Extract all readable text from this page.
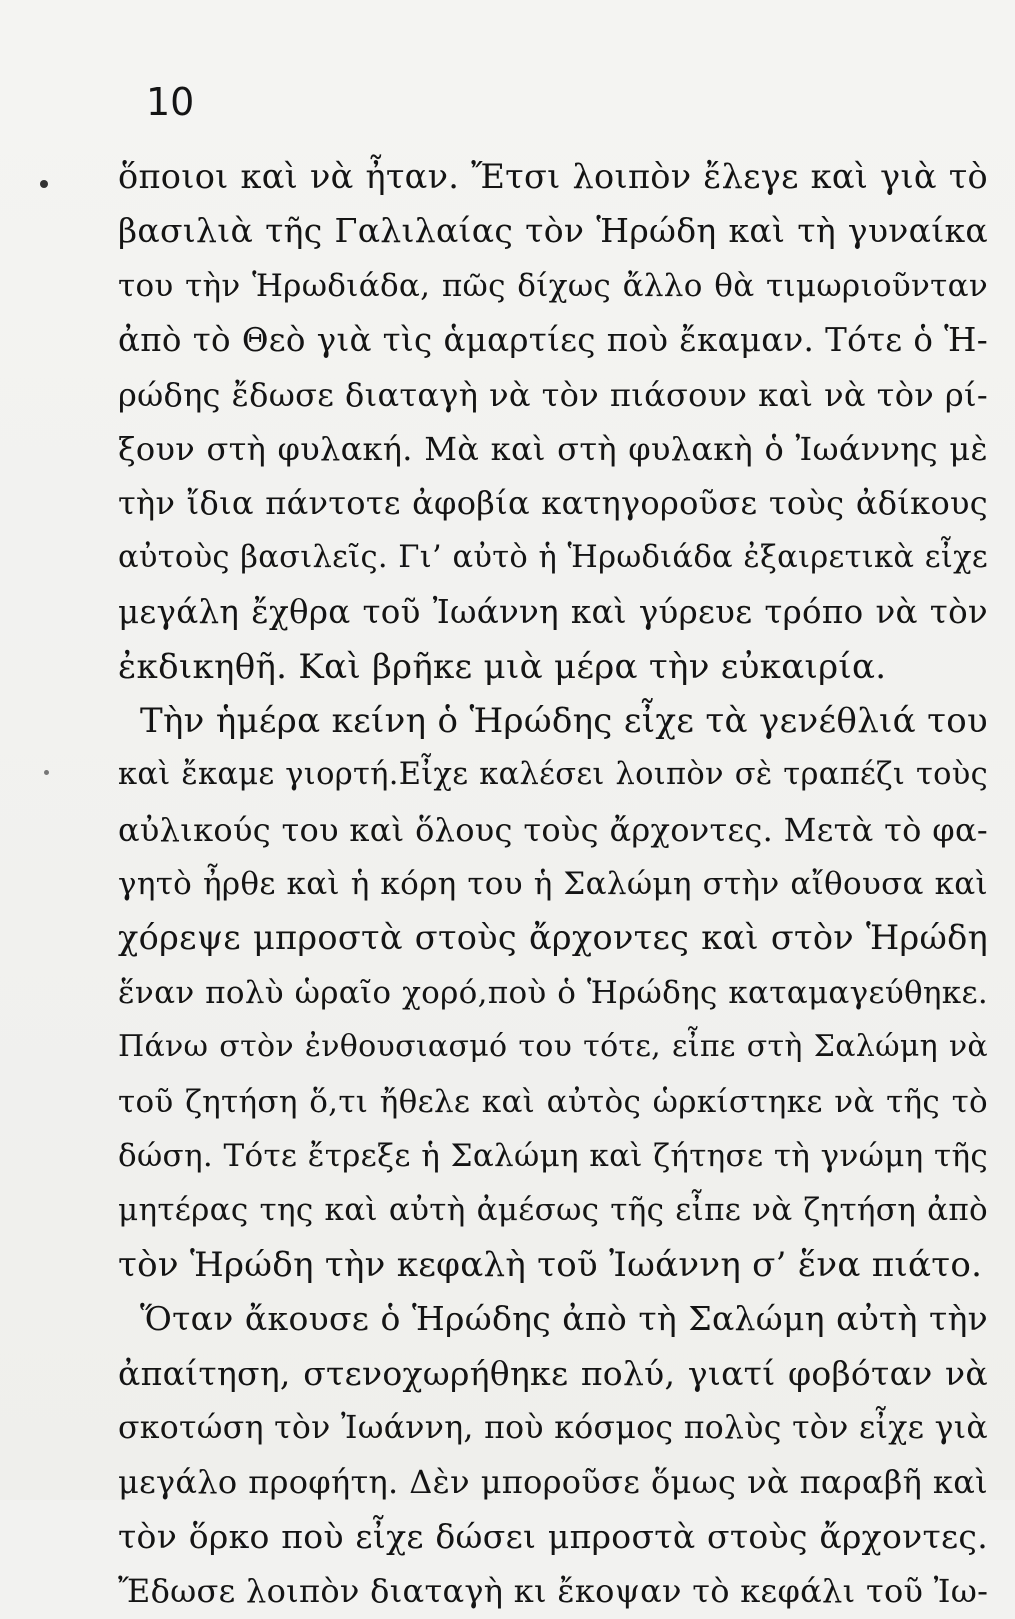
10
ὅποιοι καὶ νὰ ἦταν. Ἔτσι λοιπὸν ἔλεγε καὶ γιὰ τὸ
βασιλιὰ τῆς Γαλιλαίας τὸν Ἡρώδη καὶ τὴ γυναίκα
του τὴν Ἡρωδιάδα, πῶς δίχως ἄλλο θὰ τιμωριοῦνταν
ἀπὸ τὸ Θεὸ γιὰ τὶς ἁμαρτίες ποὺ ἔκαμαν. Τότε ὁ Ἡ-
ρώδης ἔδωσε διαταγὴ νὰ τὸν πιάσουν καὶ νὰ τὸν ρί-
ξουν στὴ φυλακή. Μὰ καὶ στὴ φυλακὴ ὁ Ἰωάννης μὲ
τὴν ἴδια πάντοτε ἀφοβία κατηγοροῦσε τοὺς ἀδίκους
αὐτοὺς βασιλεῖς. Γι’ αὐτὸ ἡ Ἡρωδιάδα ἐξαιρετικὰ εἶχε
μεγάλη ἔχθρα τοῦ Ἰωάννη καὶ γύρευε τρόπο νὰ τὸν
ἐκδικηθῆ. Καὶ βρῆκε μιὰ μέρα τὴν εὐκαιρία.
Τὴν ἡμέρα κείνη ὁ Ἡρώδης εἶχε τὰ γενέθλιά του
καὶ ἔκαμε γιορτή.Εἶχε καλέσει λοιπὸν σὲ τραπέζι τοὺς
αὐλικούς του καὶ ὅλους τοὺς ἄρχοντες. Μετὰ τὸ φα-
γητὸ ἦρθε καὶ ἡ κόρη του ἡ Σαλώμη στὴν αἴθουσα καὶ
χόρεψε μπροστὰ στοὺς ἄρχοντες καὶ στὸν Ἡρώδη
ἕναν πολὺ ὡραῖο χορό,ποὺ ὁ Ἡρώδης καταμαγεύθηκε.
Πάνω στὸν ἐνθουσιασμό του τότε, εἶπε στὴ Σαλώμη νὰ
τοῦ ζητήση ὅ,τι ἤθελε καὶ αὐτὸς ὡρκίστηκε νὰ τῆς τὸ
δώση. Τότε ἔτρεξε ἡ Σαλώμη καὶ ζήτησε τὴ γνώμη τῆς
μητέρας της καὶ αὐτὴ ἀμέσως τῆς εἶπε νὰ ζητήση ἀπὸ
τὸν Ἡρώδη τὴν κεφαλὴ τοῦ Ἰωάννη σ’ ἕνα πιάτο.
Ὅταν ἄκουσε ὁ Ἡρώδης ἀπὸ τὴ Σαλώμη αὐτὴ τὴν
ἀπαίτηση, στενοχωρήθηκε πολύ, γιατί φοβόταν νὰ
σκοτώση τὸν Ἰωάννη, ποὺ κόσμος πολὺς τὸν εἶχε γιὰ
μεγάλο προφήτη. Δὲν μποροῦσε ὅμως νὰ παραβῆ καὶ
τὸν ὅρκο ποὺ εἶχε δώσει μπροστὰ στοὺς ἄρχοντες.
Ἔδωσε λοιπὸν διαταγὴ κι ἔκοψαν τὸ κεφάλι τοῦ Ἰω-
